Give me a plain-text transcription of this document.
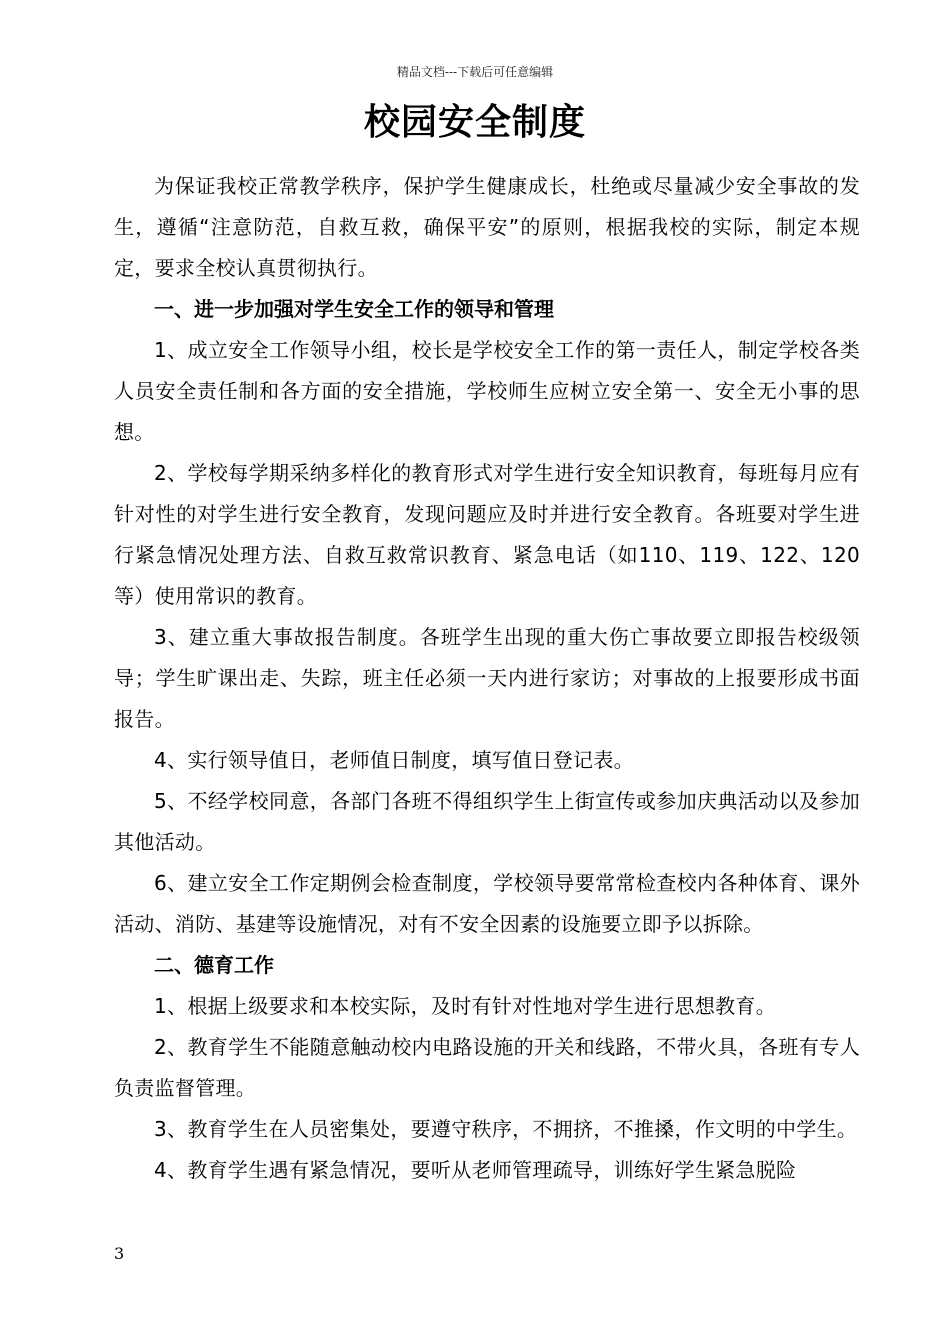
精品文档---下载后可任意编辑
校园安全制度

为保证我校正常教学秩序，保护学生健康成长，杜绝或尽量减少安全事故的发生，遵循“注意防范，自救互救，确保平安”的原则，根据我校的实际，制定本规定，要求全校认真贯彻执行。

一、进一步加强对学生安全工作的领导和管理

1、成立安全工作领导小组，校长是学校安全工作的第一责任人，制定学校各类人员安全责任制和各方面的安全措施，学校师生应树立安全第一、安全无小事的思想。

2、学校每学期采纳多样化的教育形式对学生进行安全知识教育，每班每月应有针对性的对学生进行安全教育，发现问题应及时并进行安全教育。各班要对学生进行紧急情况处理方法、自救互救常识教育、紧急电话（如110、119、122、120等）使用常识的教育。

3、建立重大事故报告制度。各班学生出现的重大伤亡事故要立即报告校级领导；学生旷课出走、失踪，班主任必须一天内进行家访；对事故的上报要形成书面报告。

4、实行领导值日，老师值日制度，填写值日登记表。

5、不经学校同意，各部门各班不得组织学生上街宣传或参加庆典活动以及参加其他活动。

6、建立安全工作定期例会检查制度，学校领导要常常检查校内各种体育、课外活动、消防、基建等设施情况，对有不安全因素的设施要立即予以拆除。

二、德育工作

1、根据上级要求和本校实际，及时有针对性地对学生进行思想教育。

2、教育学生不能随意触动校内电路设施的开关和线路，不带火具，各班有专人负责监督管理。

3、教育学生在人员密集处，要遵守秩序，不拥挤，不推搡，作文明的中学生。

4、教育学生遇有紧急情况，要听从老师管理疏导，训练好学生紧急脱险

3
